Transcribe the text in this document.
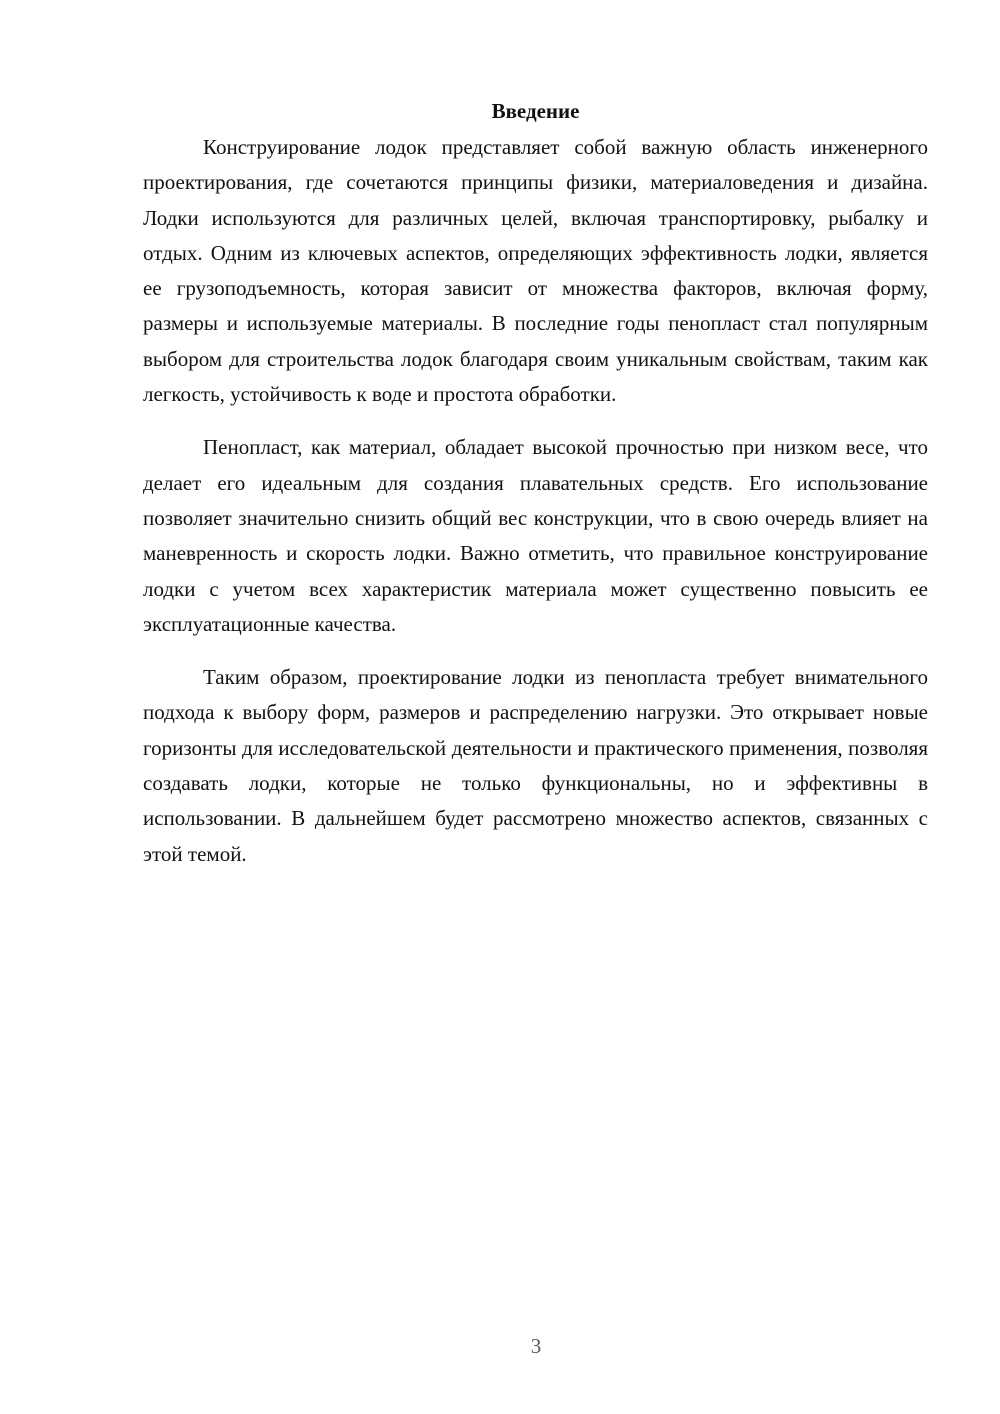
Введение

Конструирование лодок представляет собой важную область инженерного проектирования, где сочетаются принципы физики, материаловедения и дизайна. Лодки используются для различных целей, включая транспортировку, рыбалку и отдых. Одним из ключевых аспектов, определяющих эффективность лодки, является ее грузоподъемность, которая зависит от множества факторов, включая форму, размеры и используемые материалы. В последние годы пенопласт стал популярным выбором для строительства лодок благодаря своим уникальным свойствам, таким как легкость, устойчивость к воде и простота обработки.

Пенопласт, как материал, обладает высокой прочностью при низком весе, что делает его идеальным для создания плавательных средств. Его использование позволяет значительно снизить общий вес конструкции, что в свою очередь влияет на маневренность и скорость лодки. Важно отметить, что правильное конструирование лодки с учетом всех характеристик материала может существенно повысить ее эксплуатационные качества.

Таким образом, проектирование лодки из пенопласта требует внимательного подхода к выбору форм, размеров и распределению нагрузки. Это открывает новые горизонты для исследовательской деятельности и практического применения, позволяя создавать лодки, которые не только функциональны, но и эффективны в использовании. В дальнейшем будет рассмотрено множество аспектов, связанных с этой темой.

3
